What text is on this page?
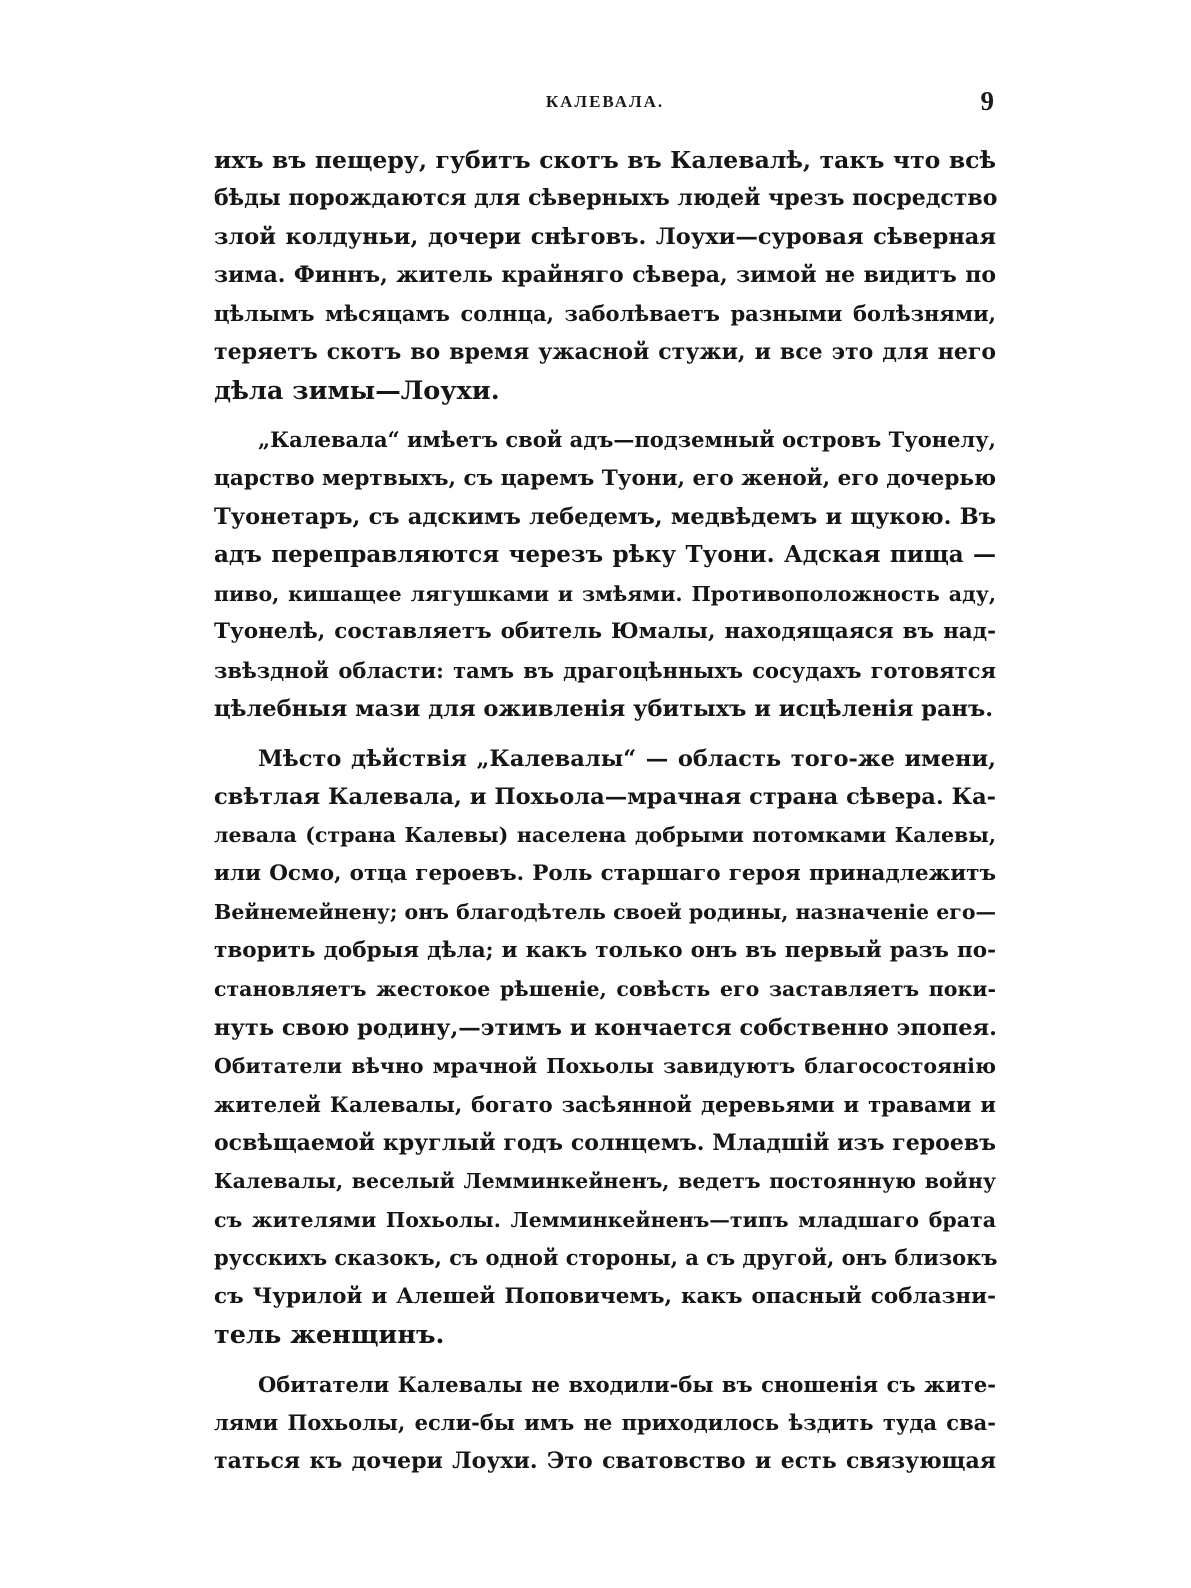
КАЛЕВАЛА.	9
ихъ въ пещеру, губитъ скотъ въ Калевалѣ, такъ что всѣ
бѣды порождаются для сѣверныхъ людей чрезъ посредство
злой колдуньи, дочери снѣговъ. Лоухи—суровая сѣверная
зима. Финнъ, житель крайняго сѣвера, зимой не видитъ по
цѣлымъ мѣсяцамъ солнца, заболѣваетъ разными болѣзнями,
теряетъ скотъ во время ужасной стужи, и все это для него
дѣла зимы—Лоухи.
„Калевала“ имѣетъ свой адъ—подземный островъ Туонелу,
царство мертвыхъ, съ царемъ Туони, его женой, его дочерью
Туонетаръ, съ адскимъ лебедемъ, медвѣдемъ и щукою. Въ
адъ переправляются черезъ рѣку Туони. Адская пища —
пиво, кишащее лягушками и змѣями. Противоположность аду,
Туонелѣ, составляетъ обитель Юмалы, находящаяся въ над-
звѣздной области: тамъ въ драгоцѣнныхъ сосудахъ готовятся
цѣлебныя мази для оживленія убитыхъ и исцѣленія ранъ.
Мѣсто дѣйствія „Калевалы“ — область того-же имени,
свѣтлая Калевала, и Похьола—мрачная страна сѣвера. Ка-
левала (страна Калевы) населена добрыми потомками Калевы,
или Осмо, отца героевъ. Роль старшаго героя принадлежитъ
Вейнемейнену; онъ благодѣтель своей родины, назначеніе его—
творить добрыя дѣла; и какъ только онъ въ первый разъ по-
становляетъ жестокое рѣшеніе, совѣсть его заставляетъ поки-
нуть свою родину,—этимъ и кончается собственно эпопея.
Обитатели вѣчно мрачной Похьолы завидуютъ благосостоянію
жителей Калевалы, богато засѣянной деревьями и травами и
освѣщаемой круглый годъ солнцемъ. Младшій изъ героевъ
Калевалы, веселый Лемминкейненъ, ведетъ постоянную войну
съ жителями Похьолы. Лемминкейненъ—типъ младшаго брата
русскихъ сказокъ, съ одной стороны, а съ другой, онъ близокъ
съ Чурилой и Алешей Поповичемъ, какъ опасный соблазни-
тель женщинъ.
Обитатели Калевалы не входили-бы въ сношенія съ жите-
лями Похьолы, если-бы имъ не приходилось ѣздить туда сва-
таться къ дочери Лоухи. Это сватовство и есть связующая
